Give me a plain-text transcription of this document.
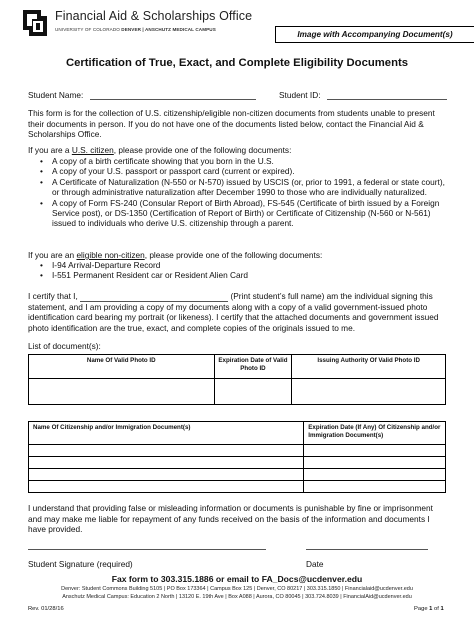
Financial Aid & Scholarships Office
UNIVERSITY OF COLORADO DENVER | ANSCHUTZ MEDICAL CAMPUS
Image with Accompanying Document(s)
Certification of True, Exact, and Complete Eligibility Documents
Student Name:	Student ID:
This form is for the collection of U.S. citizenship/eligible non-citizen documents from students unable to present their documents in person. If you do not have one of the documents listed below, contact the Financial Aid & Scholarships Office.
If you are a U.S. citizen, please provide one of the following documents:
• A copy of a birth certificate showing that you born in the U.S.
• A copy of your U.S. passport or passport card (current or expired).
• A Certificate of Naturalization (N-550 or N-570) issued by USCIS (or, prior to 1991, a federal or state court), or through administrative naturalization after December 1990 to those who are individually naturalized.
• A copy of Form FS-240 (Consular Report of Birth Abroad), FS-545 (Certificate of birth issued by a Foreign Service post), or DS-1350 (Certification of Report of Birth) or Certificate of Citizenship (N-560 or N-561) issued to individuals who derive U.S. citizenship through a parent.
If you are an eligible non-citizen, please provide one of the following documents:
• I-94 Arrival-Departure Record
• I-551 Permanent Resident car or Resident Alien Card
I certify that I,	(Print student’s full name) am the individual signing this statement, and I am providing a copy of my documents along with a copy of a valid government-issued photo identification card bearing my portrait (or likeness). I certify that the attached documents and government issued photo identification are the true, exact, and complete copies of the originals issued to me.
List of document(s):
Name Of Valid Photo ID	Expiration Date of Valid Photo ID	Issuing Authority Of Valid Photo ID

Name Of Citizenship and/or Immigration Document(s)	Expiration Date (If Any) Of Citizenship and/or Immigration Document(s)

I understand that providing false or misleading information or documents is punishable by fine or imprisonment and may make me liable for repayment of any funds received on the basis of the information and documents I have provided.
Student Signature (required)	Date
Fax form to 303.315.1886 or email to FA_Docs@ucdenver.edu
Denver: Student Commons Building 5105 | PO Box 173364 | Campus Box 125 | Denver, CO 80217 | 303.315.1850 | Financialaid@ucdenver.edu
Anschutz Medical Campus: Education 2 North | 13120 E. 19th Ave | Box A088 | Aurora, CO 80045 | 303.724.8039 | FinancialAid@ucdenver.edu
Rev. 01/28/16	Page 1 of 1
